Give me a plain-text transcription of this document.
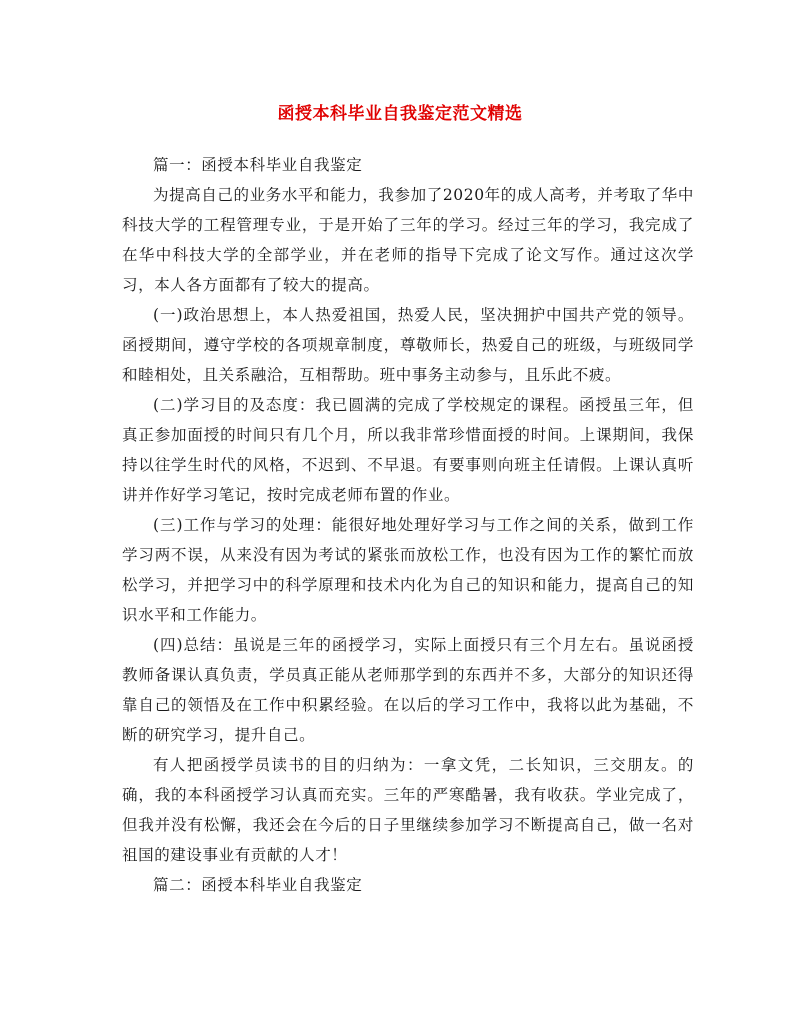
函授本科毕业自我鉴定范文精选

篇一：函授本科毕业自我鉴定

为提高自己的业务水平和能力，我参加了2020年的成人高考，并考取了华中科技大学的工程管理专业，于是开始了三年的学习。经过三年的学习，我完成了在华中科技大学的全部学业，并在老师的指导下完成了论文写作。通过这次学习，本人各方面都有了较大的提高。

(一)政治思想上，本人热爱祖国，热爱人民，坚决拥护中国共产党的领导。函授期间，遵守学校的各项规章制度，尊敬师长，热爱自己的班级，与班级同学和睦相处，且关系融洽，互相帮助。班中事务主动参与，且乐此不疲。

(二)学习目的及态度：我已圆满的完成了学校规定的课程。函授虽三年，但真正参加面授的时间只有几个月，所以我非常珍惜面授的时间。上课期间，我保持以往学生时代的风格，不迟到、不早退。有要事则向班主任请假。上课认真听讲并作好学习笔记，按时完成老师布置的作业。

(三)工作与学习的处理：能很好地处理好学习与工作之间的关系，做到工作学习两不误，从来没有因为考试的紧张而放松工作，也没有因为工作的繁忙而放松学习，并把学习中的科学原理和技术内化为自己的知识和能力，提高自己的知识水平和工作能力。

(四)总结：虽说是三年的函授学习，实际上面授只有三个月左右。虽说函授教师备课认真负责，学员真正能从老师那学到的东西并不多，大部分的知识还得靠自己的领悟及在工作中积累经验。在以后的学习工作中，我将以此为基础，不断的研究学习，提升自己。

有人把函授学员读书的目的归纳为：一拿文凭，二长知识，三交朋友。的确，我的本科函授学习认真而充实。三年的严寒酷暑，我有收获。学业完成了，但我并没有松懈，我还会在今后的日子里继续参加学习不断提高自己，做一名对祖国的建设事业有贡献的人才！

篇二：函授本科毕业自我鉴定
